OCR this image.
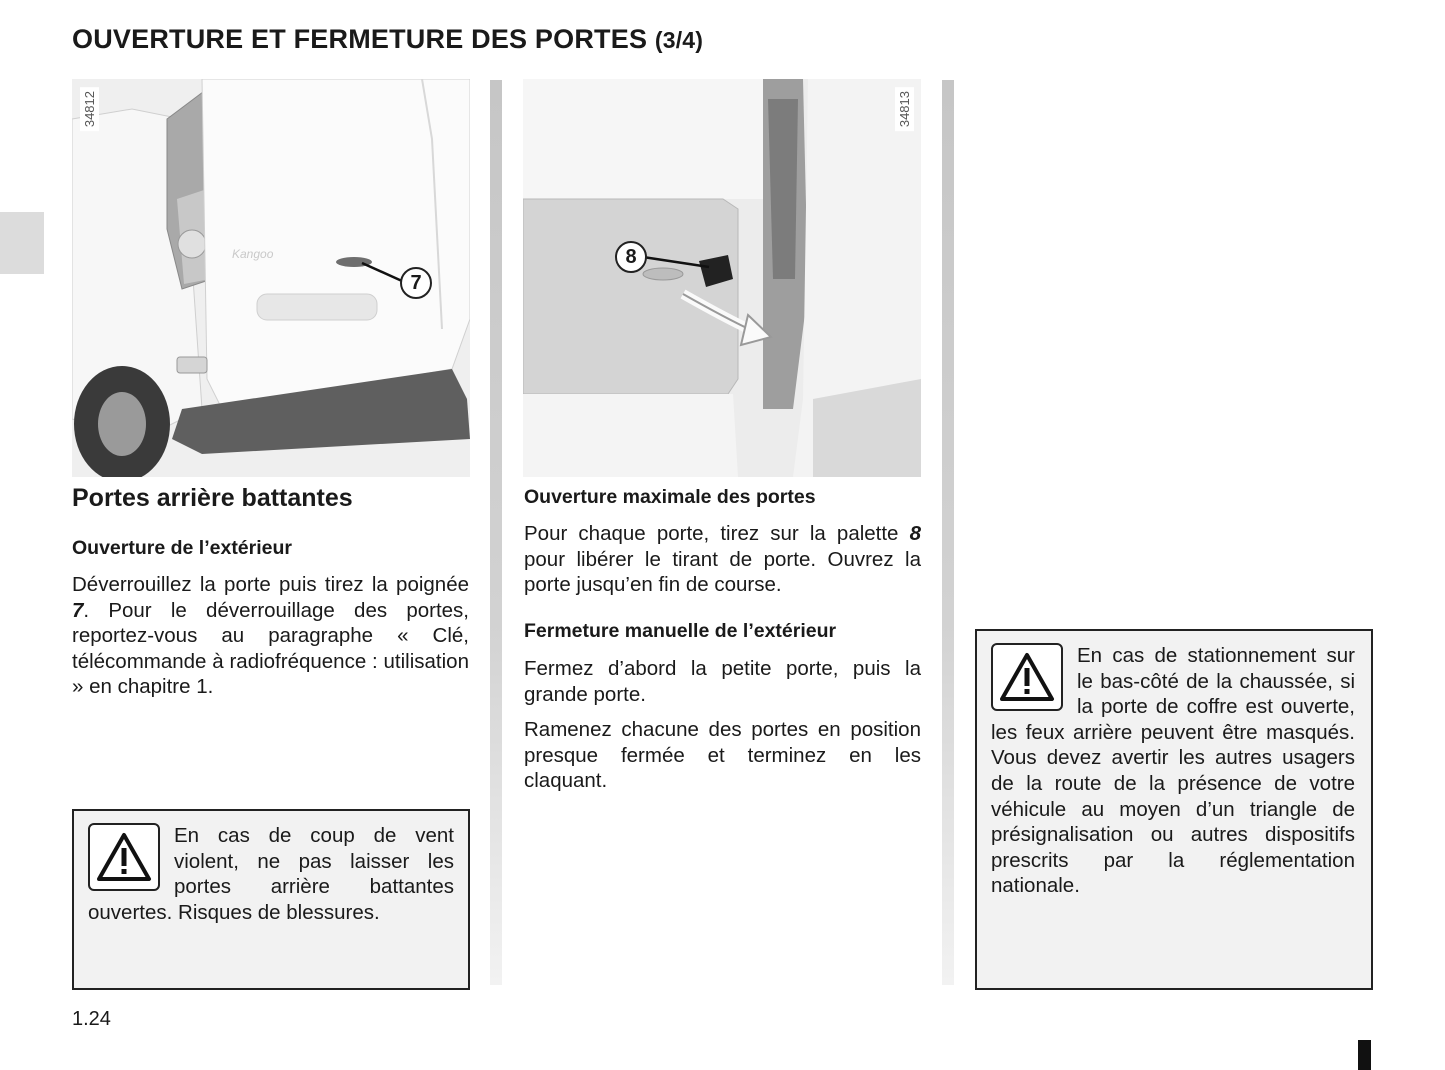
OUVERTURE ET FERMETURE DES PORTES (3/4)
Kangoo
34812
7
34813
8
Portes arrière battantes
Ouverture de l’extérieur

Déverrouillez la porte puis tirez la poignée 7. Pour le déverrouillage des portes, reportez-vous au paragraphe « Clé, télécommande à radiofréquence : utilisation » en chapitre 1.

En cas de coup de vent violent, ne pas laisser les portes arrière battantes ouvertes. Risques de blessures.

Ouverture maximale des portes

Pour chaque porte, tirez sur la palette 8 pour libérer le tirant de porte. Ouvrez la porte jusqu’en fin de course.

Fermeture manuelle de l’extérieur

Fermez d’abord la petite porte, puis la grande porte.

Ramenez chacune des portes en position presque fermée et terminez en les claquant.

En cas de stationnement sur le bas-côté de la chaussée, si la porte de coffre est ouverte, les feux arrière peuvent être masqués. Vous devez avertir les autres usagers de la route de la présence de votre véhicule au moyen d’un triangle de présignalisation ou autres dispositifs prescrits par la réglementation nationale.

1.24
